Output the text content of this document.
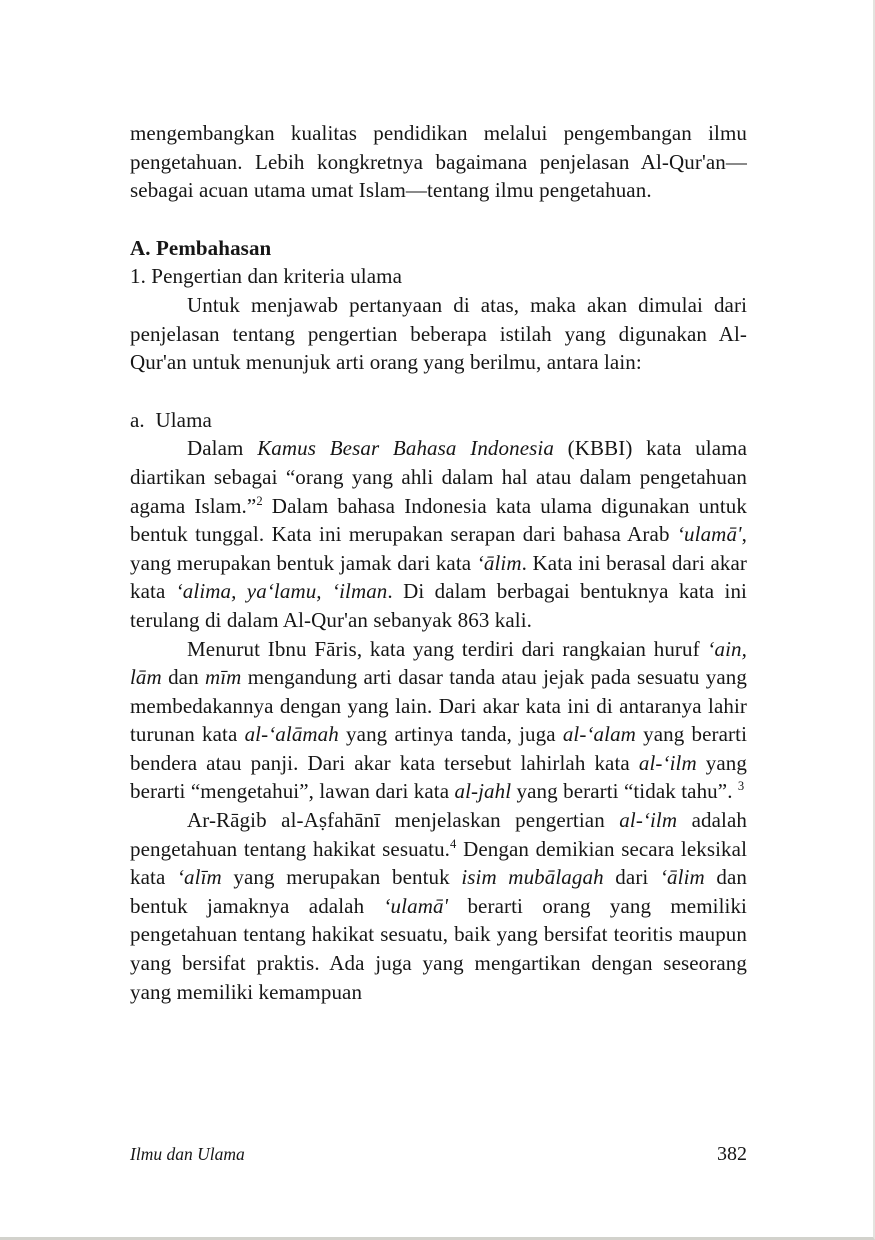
mengembangkan kualitas pendidikan melalui pengembangan ilmu pengetahuan. Lebih kongkretnya bagaimana penjelasan Al-Qur'an—sebagai acuan utama umat Islam—tentang ilmu pengetahuan.

A. Pembahasan

1. Pengertian dan kriteria ulama

Untuk menjawab pertanyaan di atas, maka akan dimulai dari penjelasan tentang pengertian beberapa istilah yang digunakan Al-Qur'an untuk menunjuk arti orang yang berilmu, antara lain:

a.  Ulama

Dalam Kamus Besar Bahasa Indonesia (KBBI) kata ulama diartikan sebagai “orang yang ahli dalam hal atau dalam pengetahuan agama Islam.”$^2$ Dalam bahasa Indonesia kata ulama digunakan untuk bentuk tunggal. Kata ini merupakan serapan dari bahasa Arab ‘ulamā', yang merupakan bentuk jamak dari kata ‘ālim. Kata ini berasal dari akar kata ‘alima, ya‘lamu, ‘ilman. Di dalam berbagai bentuknya kata ini terulang di dalam Al-Qur'an sebanyak 863 kali.

Menurut Ibnu Fāris, kata yang terdiri dari rangkaian huruf ‘ain, lām dan mīm mengandung arti dasar tanda atau jejak pada sesuatu yang membedakannya dengan yang lain. Dari akar kata ini di antaranya lahir turunan kata al-‘alāmah yang artinya tanda, juga al-‘alam yang berarti bendera atau panji. Dari akar kata tersebut lahirlah kata al-‘ilm yang berarti “mengetahui”, lawan dari kata al-jahl yang berarti “tidak tahu”. $^3$

Ar-Rāgib al-Aṣfahānī menjelaskan pengertian al-‘ilm adalah pengetahuan tentang hakikat sesuatu.$^4$ Dengan demikian secara leksikal kata ‘alīm yang merupakan bentuk isim mubālagah dari ‘ālim dan bentuk jamaknya adalah ‘ulamā' berarti orang yang memiliki pengetahuan tentang hakikat sesuatu, baik yang bersifat teoritis maupun yang bersifat praktis. Ada juga yang mengartikan dengan seseorang yang memiliki kemampuan

Ilmu dan Ulama	382
